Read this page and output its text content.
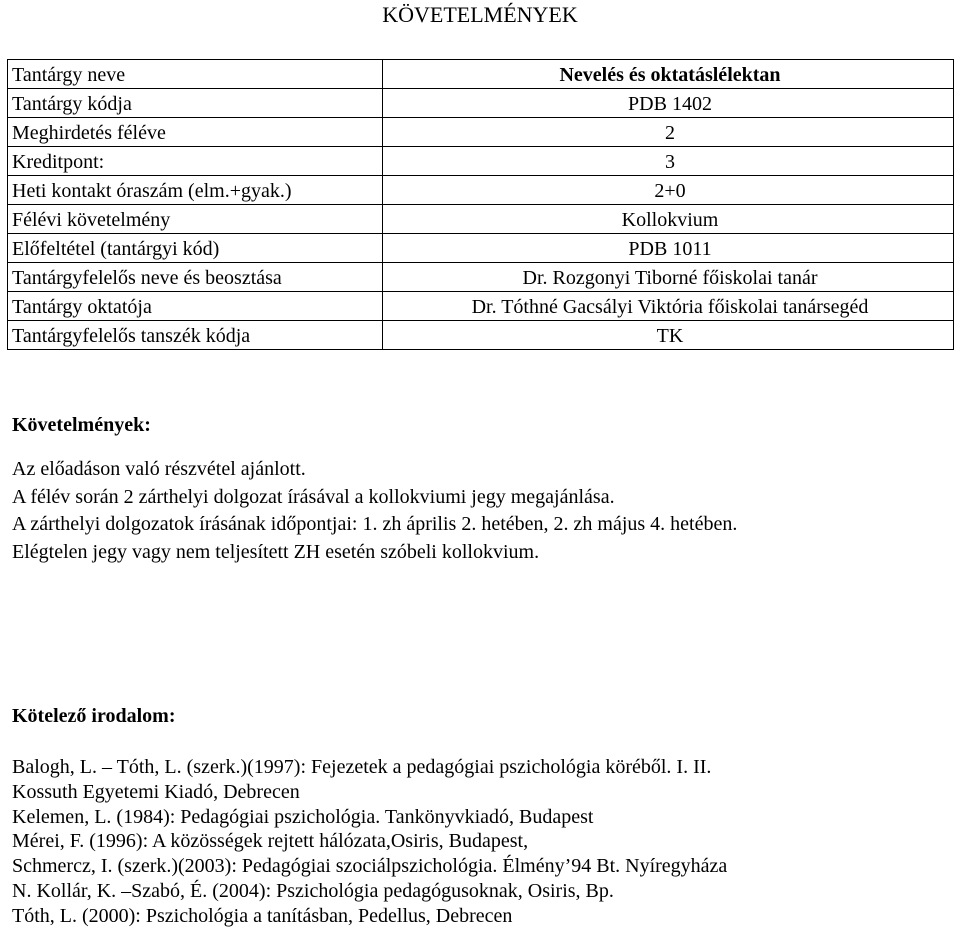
KÖVETELMÉNYEK
Tantárgy neve	Nevelés és oktatáslélektan
Tantárgy kódja	PDB 1402
Meghirdetés féléve	2
Kreditpont:	3
Heti kontakt óraszám (elm.+gyak.)	2+0
Félévi követelmény	Kollokvium
Előfeltétel (tantárgyi kód)	PDB 1011
Tantárgyfelelős neve és beosztása	Dr. Rozgonyi Tiborné főiskolai tanár
Tantárgy oktatója	Dr. Tóthné Gacsályi Viktória főiskolai tanársegéd
Tantárgyfelelős tanszék kódja	TK
Követelmények:
Az előadáson való részvétel ajánlott.
A félév során 2 zárthelyi dolgozat írásával a kollokviumi jegy megajánlása.
A zárthelyi dolgozatok írásának időpontjai: 1. zh április 2. hetében, 2. zh május 4. hetében.
Elégtelen jegy vagy nem teljesített ZH esetén szóbeli kollokvium.
Kötelező irodalom:
Balogh, L. – Tóth, L. (szerk.)(1997): Fejezetek a pedagógiai pszichológia köréből. I. II.
Kossuth Egyetemi Kiadó, Debrecen
Kelemen, L. (1984): Pedagógiai pszichológia. Tankönyvkiadó, Budapest
Mérei, F. (1996): A közösségek rejtett hálózata,Osiris, Budapest,
Schmercz, I. (szerk.)(2003): Pedagógiai szociálpszichológia. Élmény’94 Bt. Nyíregyháza
N. Kollár, K. –Szabó, É. (2004): Pszichológia pedagógusoknak, Osiris, Bp.
Tóth, L. (2000): Pszichológia a tanításban, Pedellus, Debrecen
